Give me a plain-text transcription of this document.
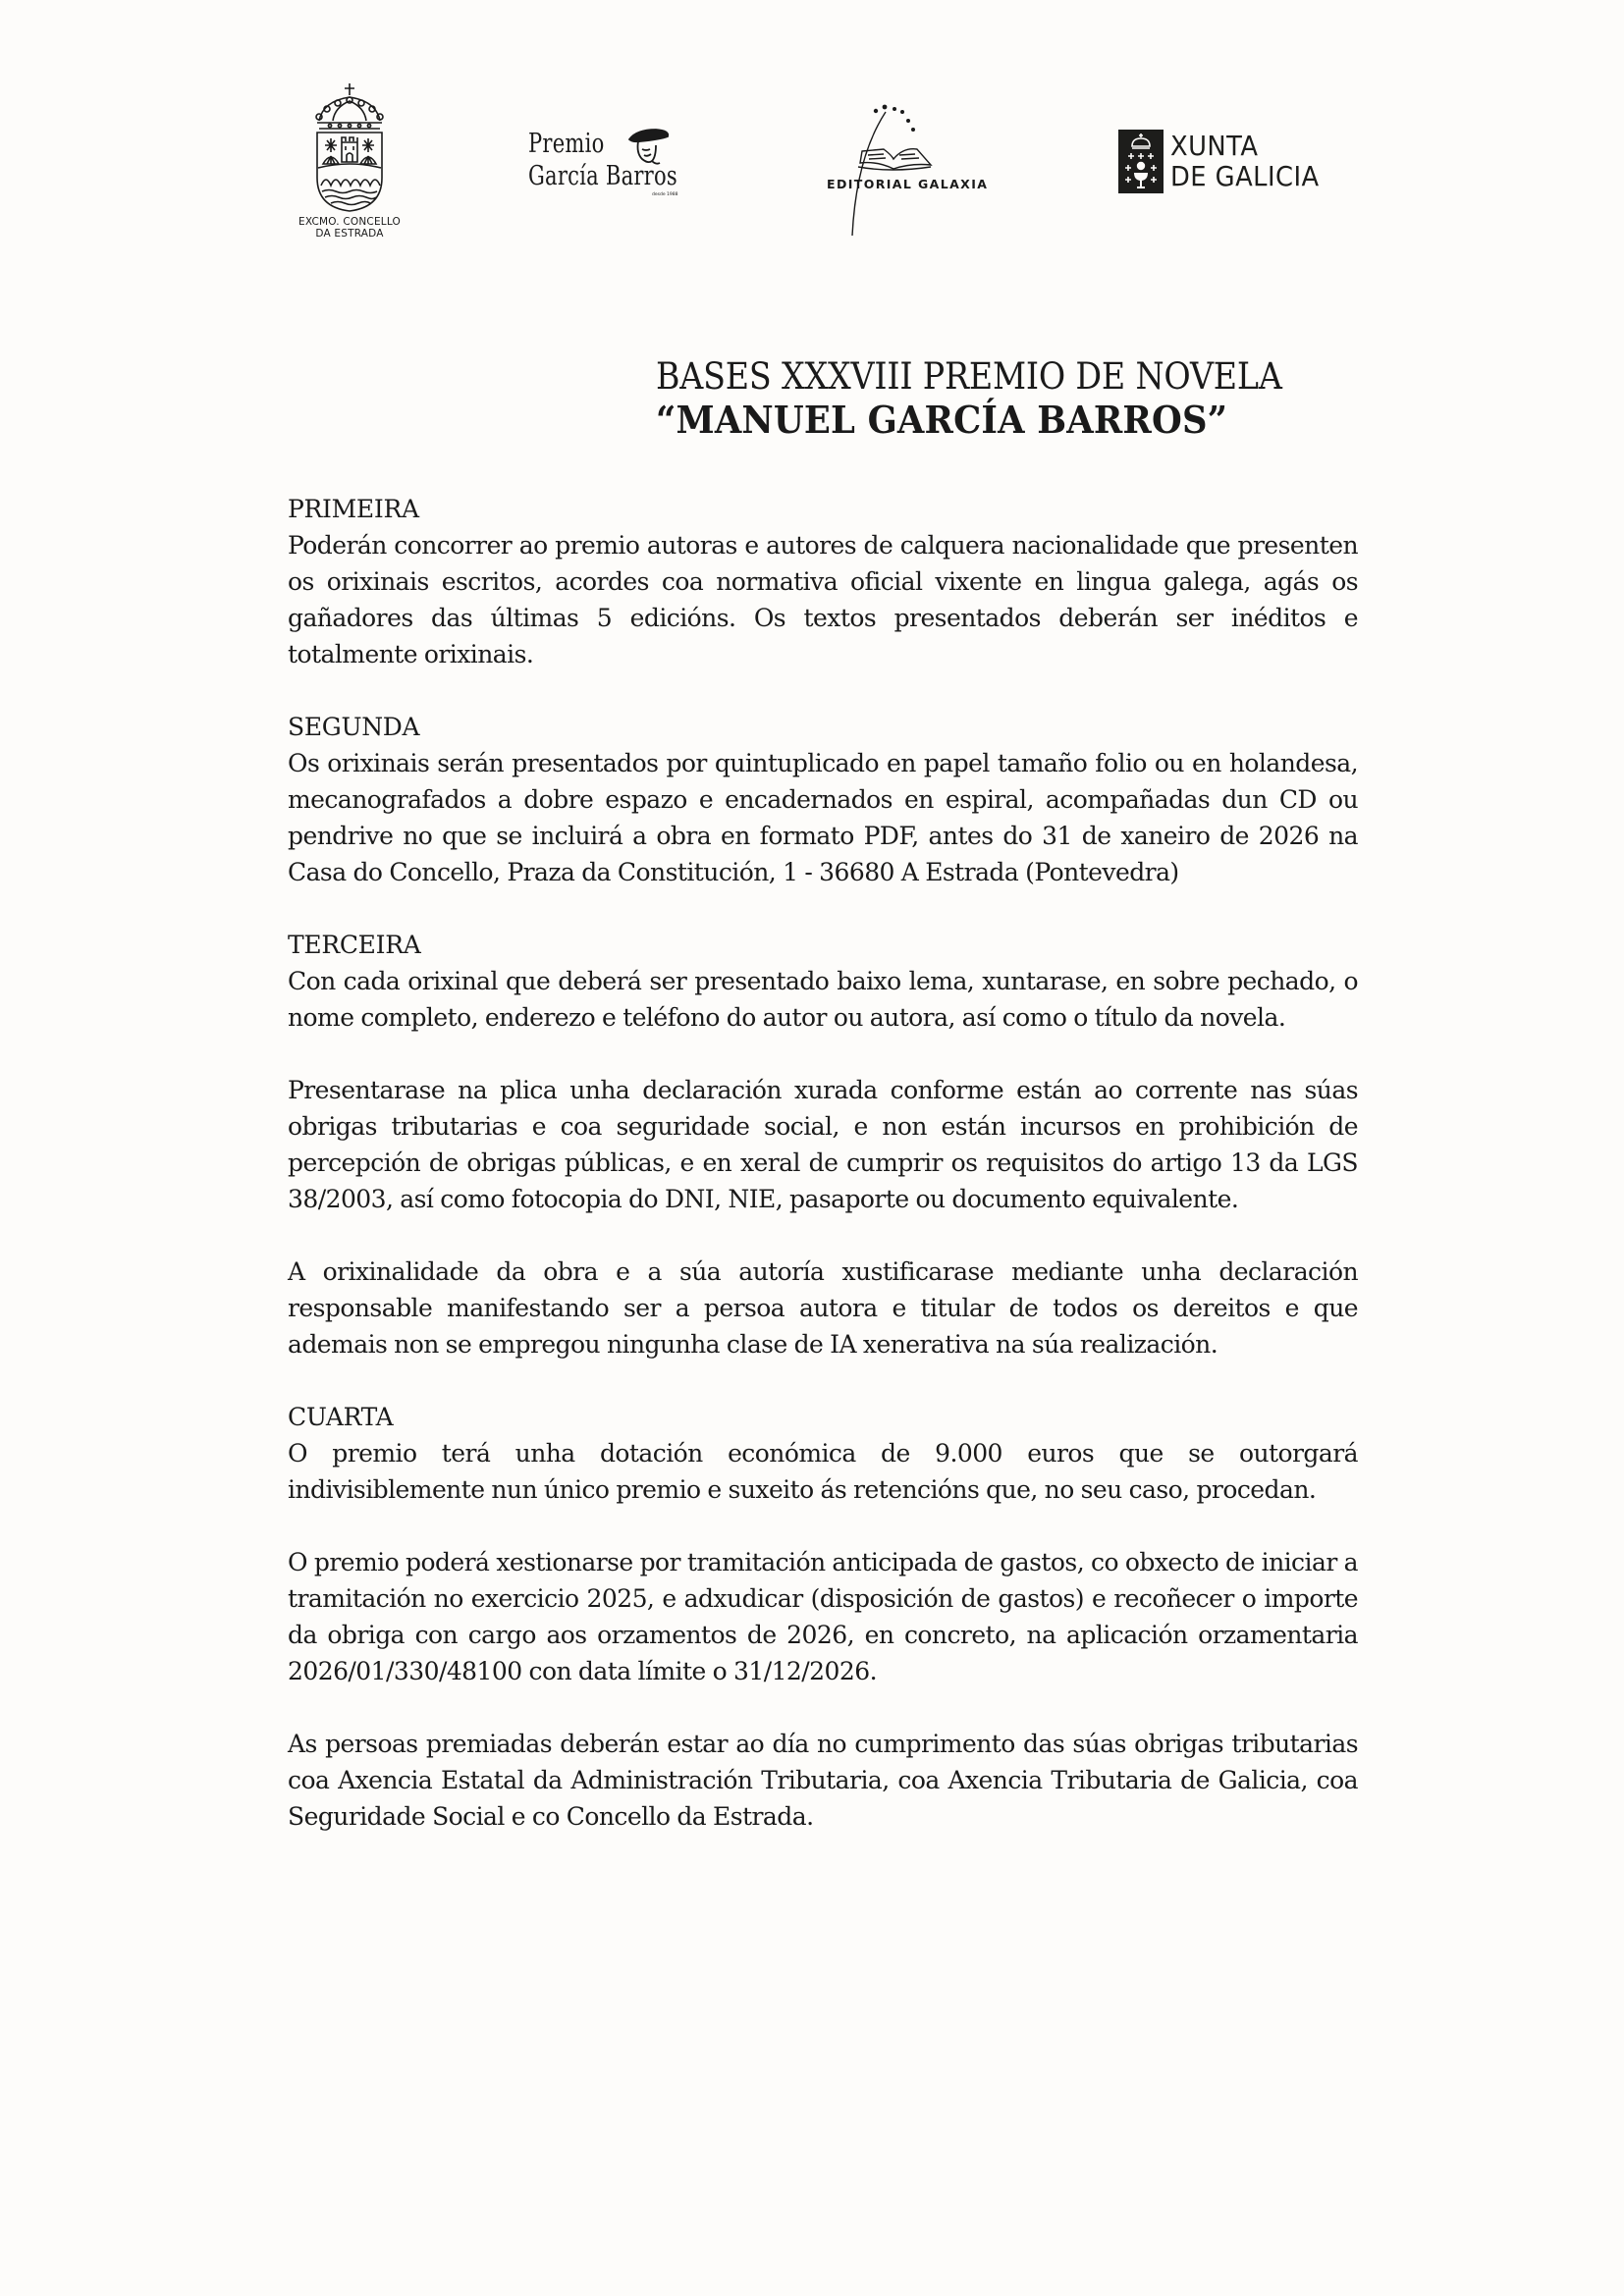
EXCMO. CONCELLO
DA ESTRADA
Premio
García Barros
desde 1988
EDITORIAL GALAXIA
XUNTA
DE GALICIA
BASES XXXVIII PREMIO DE NOVELA
“MANUEL GARCÍA BARROS”
PRIMEIRA

Poderán concorrer ao premio autoras e autores de calquera nacionalidade que presenten os orixinais escritos, acordes coa normativa oficial vixente en lingua galega, agás os gañadores das últimas 5 edicións. Os textos presentados deberán ser inéditos e totalmente orixinais.

SEGUNDA

Os orixinais serán presentados por quintuplicado en papel tamaño folio ou en holandesa, mecanografados a dobre espazo e encadernados en espiral, acompañadas dun CD ou pendrive no que se incluirá a obra en formato PDF, antes do 31 de xaneiro de 2026 na Casa do Concello, Praza da Constitución, 1 - 36680 A Estrada (Pontevedra)

TERCEIRA

Con cada orixinal que deberá ser presentado baixo lema, xuntarase, en sobre pechado, o nome completo, enderezo e teléfono do autor ou autora, así como o título da novela.

Presentarase na plica unha declaración xurada conforme están ao corrente nas súas obrigas tributarias e coa seguridade social, e non están incursos en prohibición de percepción de obrigas públicas, e en xeral de cumprir os requisitos do artigo 13 da LGS 38/2003, así como fotocopia do DNI, NIE, pasaporte ou documento equivalente.

A orixinalidade da obra e a súa autoría xustificarase mediante unha declaración responsable manifestando ser a persoa autora e titular de todos os dereitos e que ademais non se empregou ningunha clase de IA xenerativa na súa realización.

CUARTA

O premio terá unha dotación económica de 9.000 euros que se outorgará indivisiblemente nun único premio e suxeito ás retencións que, no seu caso, procedan.

O premio poderá xestionarse por tramitación anticipada de gastos, co obxecto de iniciar a tramitación no exercicio 2025, e adxudicar (disposición de gastos) e recoñecer o importe da obriga con cargo aos orzamentos de 2026, en concreto, na aplicación orzamentaria 2026/01/330/48100 con data límite o 31/12/2026.

As persoas premiadas deberán estar ao día no cumprimento das súas obrigas tributarias coa Axencia Estatal da Administración Tributaria, coa Axencia Tributaria de Galicia, coa Seguridade Social e co Concello da Estrada.
